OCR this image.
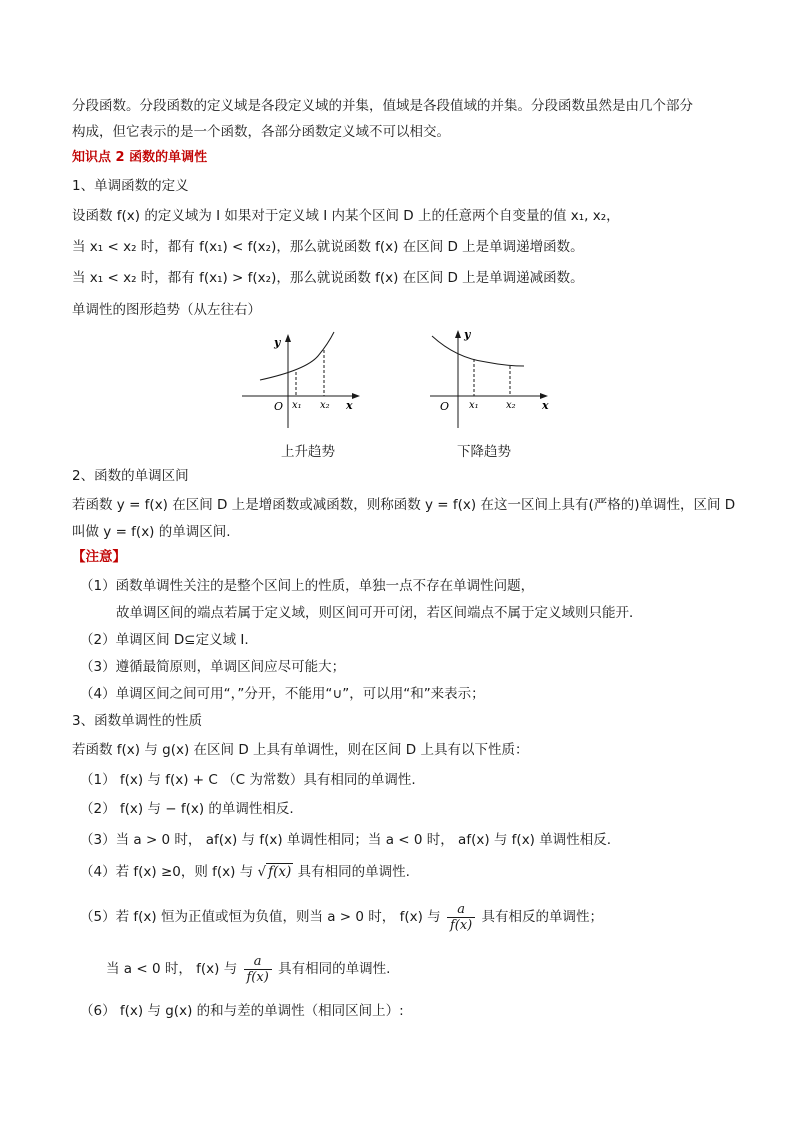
分段函数。分段函数的定义域是各段定义域的并集，值域是各段值域的并集。分段函数虽然是由几个部分
构成，但它表示的是一个函数，各部分函数定义域不可以相交。
知识点 2 函数的单调性
1、单调函数的定义
设函数 f(x) 的定义域为 I 如果对于定义域 I 内某个区间 D 上的任意两个自变量的值 x₁, x₂，
当 x₁ < x₂ 时，都有 f(x₁) < f(x₂)，那么就说函数 f(x) 在区间 D 上是单调递增函数。
当 x₁ < x₂ 时，都有 f(x₁) > f(x₂)，那么就说函数 f(x) 在区间 D 上是单调递减函数。
单调性的图形趋势（从左往右）
y
x
O x₁ x₂
上升趋势
y
x
O x₁	x₂
下降趋势
2、函数的单调区间
若函数 y = f(x) 在区间 D 上是增函数或减函数，则称函数 y = f(x) 在这一区间上具有(严格的)单调性，区间 D
叫做 y = f(x) 的单调区间.
【注意】
（1）函数单调性关注的是整个区间上的性质，单独一点不存在单调性问题，
故单调区间的端点若属于定义域，则区间可开可闭，若区间端点不属于定义域则只能开．
（2）单调区间 D⊆定义域 I.
（3）遵循最简原则，单调区间应尽可能大；
（4）单调区间之间可用“，”分开，不能用“∪”，可以用“和”来表示；
3、函数单调性的性质
若函数 f(x) 与 g(x) 在区间 D 上具有单调性，则在区间 D 上具有以下性质：
（1） f(x) 与 f(x) + C （C 为常数）具有相同的单调性.
（2） f(x) 与 − f(x) 的单调性相反.
（3）当 a > 0 时， af(x) 与 f(x) 单调性相同；当 a < 0 时， af(x) 与 f(x) 单调性相反.
（4）若 f(x) ≥0，则 f(x) 与 √ f(x) 具有相同的单调性.
（5）若 f(x) 恒为正值或恒为负值，则当 a > 0 时， f(x) 与 $\frac{a}{f(x)}$ 具有相反的单调性；
当 a < 0 时， f(x) 与 $\frac{a}{f(x)}$ 具有相同的单调性.
（6） f(x) 与 g(x) 的和与差的单调性（相同区间上）:
